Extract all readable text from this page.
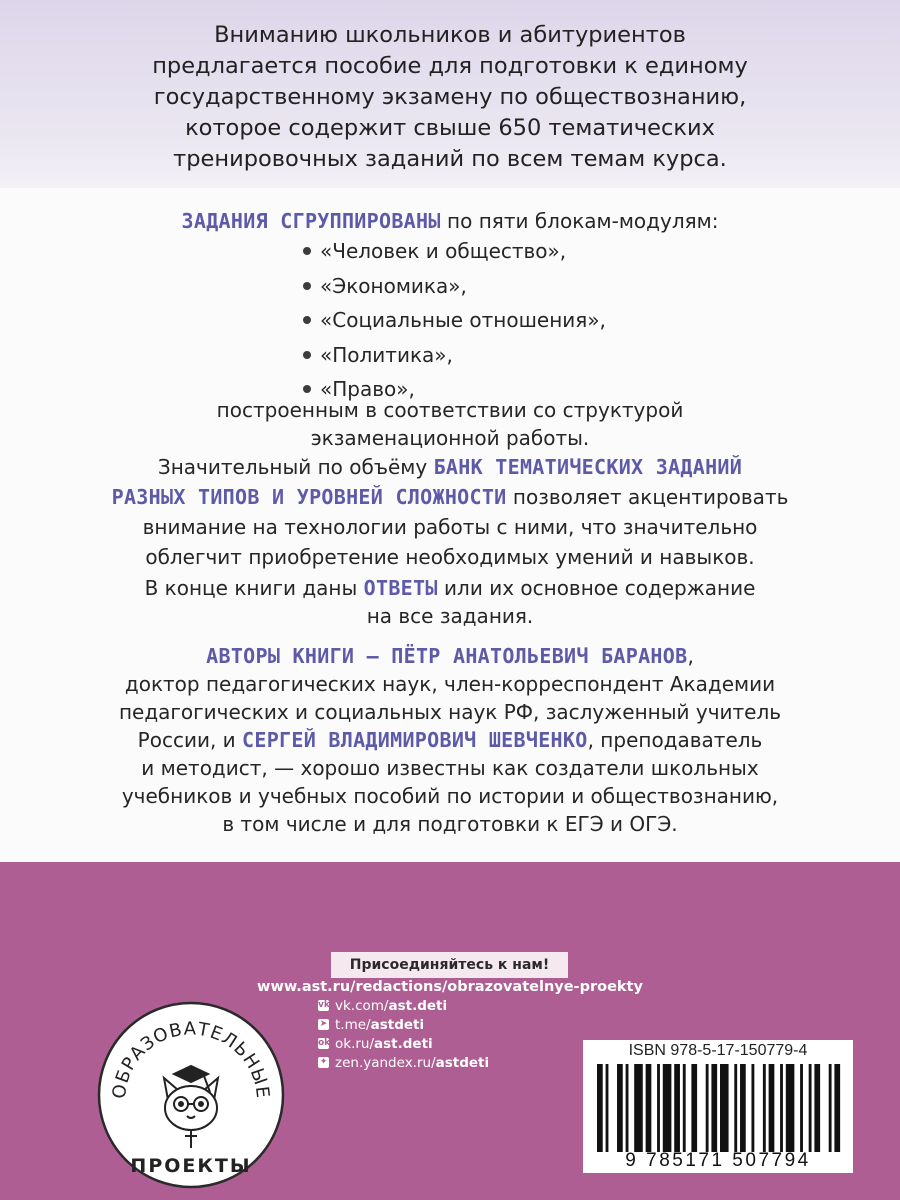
Вниманию школьников и абитуриентов
предлагается пособие для подготовки к единому
государственному экзамену по обществознанию,
которое содержит свыше 650 тематических
тренировочных заданий по всем темам курса.
ЗАДАНИЯ СГРУППИРОВАНЫ по пяти блокам-модулям:
«Человек и общество»,
«Экономика»,
«Социальные отношения»,
«Политика»,
«Право»,
построенным в соответствии со структурой
экзаменационной работы.
Значительный по объёму БАНК ТЕМАТИЧЕСКИХ ЗАДАНИЙ
РАЗНЫХ ТИПОВ И УРОВНЕЙ СЛОЖНОСТИ позволяет акцентировать
внимание на технологии работы с ними, что значительно
облегчит приобретение необходимых умений и навыков.
В конце книги даны ОТВЕТЫ или их основное содержание
на все задания.
АВТОРЫ КНИГИ — ПЁТР АНАТОЛЬЕВИЧ БАРАНОВ,
доктор педагогических наук, член-корреспондент Академии
педагогических и социальных наук РФ, заслуженный учитель
России, и СЕРГЕЙ ВЛАДИМИРОВИЧ ШЕВЧЕНКО, преподаватель
и методист, — хорошо известны как создатели школьных
учебников и учебных пособий по истории и обществознанию,
в том числе и для подготовки к ЕГЭ и ОГЭ.
Присоединяйтесь к нам!
www.ast.ru/redactions/obrazovatelnye-proekty
vk vk.com/ ast.deti
➤ t.me/ astdeti
ok ok.ru/ ast.deti
✦ zen.yandex.ru/ astdeti
ОБРАЗОВАТЕЛЬНЫЕ
ПРОЕКТЫ
ISBN 978-5-17-150779-4
9 785171 507794
